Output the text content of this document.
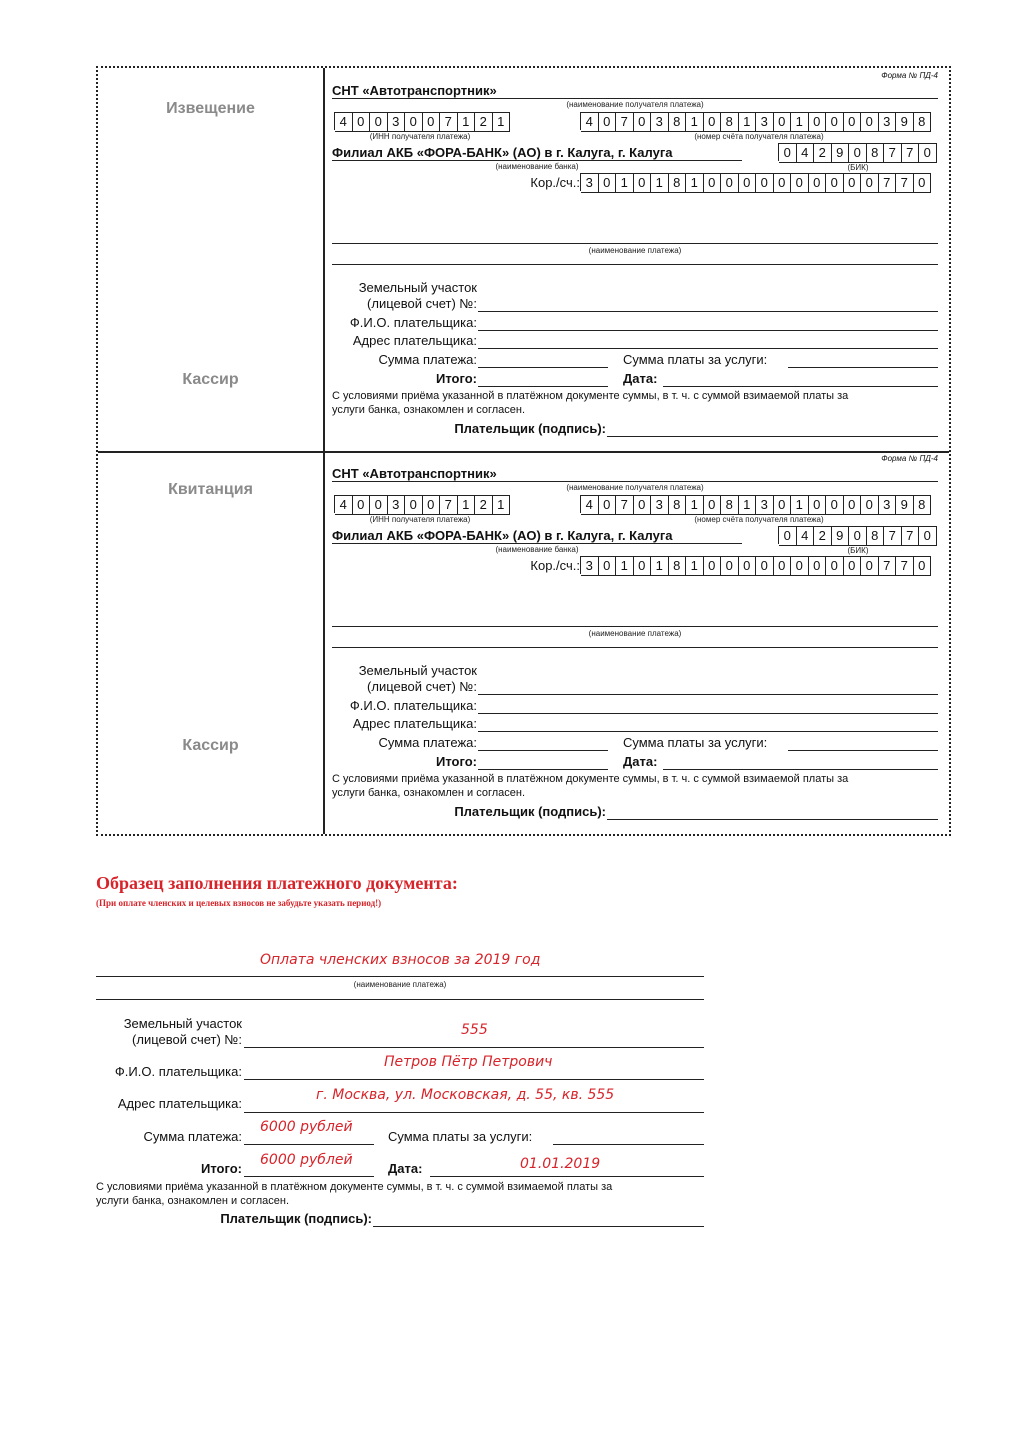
Извещение
Кассир
Квитанция
Кассир
Форма № ПД-4
СНТ «Автотранспортник»
(наименование получателя платежа)
4 0 0 3 0 0 7 1 2 1
(ИНН получателя платежа)
4 0 7 0 3 8 1 0 8 1 3 0 1 0 0 0 0 3 9 8
(номер счёта получателя платежа)
Филиал АКБ «ФОРА-БАНК» (АО) в г. Калуга, г. Калуга
(наименование банка)
0 4 2 9 0 8 7 7 0
(БИК)
Кор./сч.: 3 0 1 0 1 8 1 0 0 0 0 0 0 0 0 0 0 7 7 0
(наименование платежа)
Земельный участок
(лицевой счет) №:
Ф.И.О. плательщика:
Адрес плательщика:
Сумма платежа:	Сумма платы за услуги:
Итого:	Дата:
С условиями приёма указанной в платёжном документе суммы, в т. ч. с суммой взимаемой платы за
услуги банка, ознакомлен и согласен.
Плательщик (подпись):
Форма № ПД-4
СНТ «Автотранспортник»
(наименование получателя платежа)
4 0 0 3 0 0 7 1 2 1
(ИНН получателя платежа)
4 0 7 0 3 8 1 0 8 1 3 0 1 0 0 0 0 3 9 8
(номер счёта получателя платежа)
Филиал АКБ «ФОРА-БАНК» (АО) в г. Калуга, г. Калуга
(наименование банка)
0 4 2 9 0 8 7 7 0
(БИК)
Кор./сч.: 3 0 1 0 1 8 1 0 0 0 0 0 0 0 0 0 0 7 7 0
(наименование платежа)
Земельный участок
(лицевой счет) №:
Ф.И.О. плательщика:
Адрес плательщика:
Сумма платежа:	Сумма платы за услуги:
Итого:	Дата:
С условиями приёма указанной в платёжном документе суммы, в т. ч. с суммой взимаемой платы за
услуги банка, ознакомлен и согласен.
Плательщик (подпись):
Образец заполнения платежного документа:
(При оплате членских и целевых взносов не забудьте указать период!)
Оплата членских взносов за 2019 год
(наименование платежа)
Земельный участок
(лицевой счет) №:
555
Ф.И.О. плательщика:
Петров Пётр Петрович
Адрес плательщика:
г. Москва, ул. Московская, д. 55, кв. 555
Сумма платежа:
6000 рублей
Сумма платы за услуги:
Итого:
6000 рублей
Дата:	01.01.2019
С условиями приёма указанной в платёжном документе суммы, в т. ч. с суммой взимаемой платы за
услуги банка, ознакомлен и согласен.
Плательщик (подпись):
